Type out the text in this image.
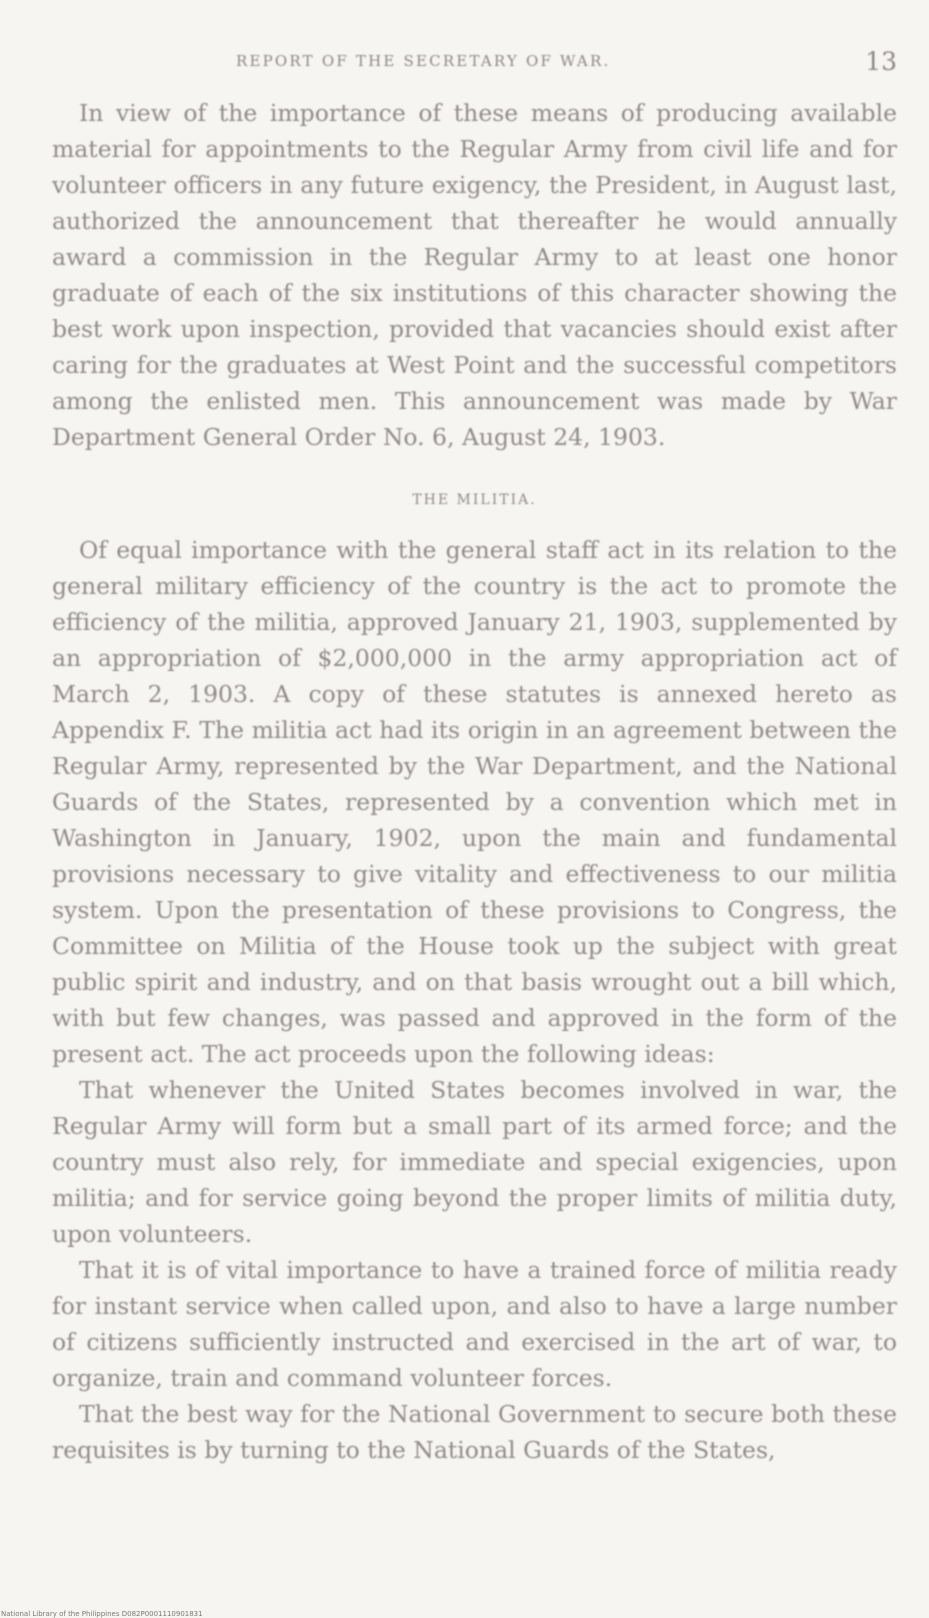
REPORT OF THE SECRETARY OF WAR.	13

In view of the importance of these means of producing available material for appointments to the Regular Army from civil life and for volunteer officers in any future exigency, the President, in August last, authorized the announcement that thereafter he would annually award a commission in the Regular Army to at least one honor graduate of each of the six institutions of this character showing the best work upon inspection, provided that vacancies should exist after caring for the graduates at West Point and the successful competitors among the enlisted men. This announcement was made by War Department General Order No. 6, August 24, 1903.

THE MILITIA.

Of equal importance with the general staff act in its relation to the general military efficiency of the country is the act to promote the efficiency of the militia, approved January 21, 1903, supplemented by an appropriation of $2,000,000 in the army appropriation act of March 2, 1903. A copy of these statutes is annexed hereto as Appendix F. The militia act had its origin in an agreement between the Regular Army, represented by the War Department, and the National Guards of the States, represented by a convention which met in Washington in January, 1902, upon the main and fundamental provisions necessary to give vitality and effectiveness to our militia system. Upon the presentation of these provisions to Congress, the Committee on Militia of the House took up the subject with great public spirit and industry, and on that basis wrought out a bill which, with but few changes, was passed and approved in the form of the present act. The act proceeds upon the following ideas:

That whenever the United States becomes involved in war, the Regular Army will form but a small part of its armed force; and the country must also rely, for immediate and special exigencies, upon militia; and for service going beyond the proper limits of militia duty, upon volunteers.

That it is of vital importance to have a trained force of militia ready for instant service when called upon, and also to have a large number of citizens sufficiently instructed and exercised in the art of war, to organize, train and command volunteer forces.

That the best way for the National Government to secure both these requisites is by turning to the National Guards of the States,

National Library of the Philippines D082P0001110901831
